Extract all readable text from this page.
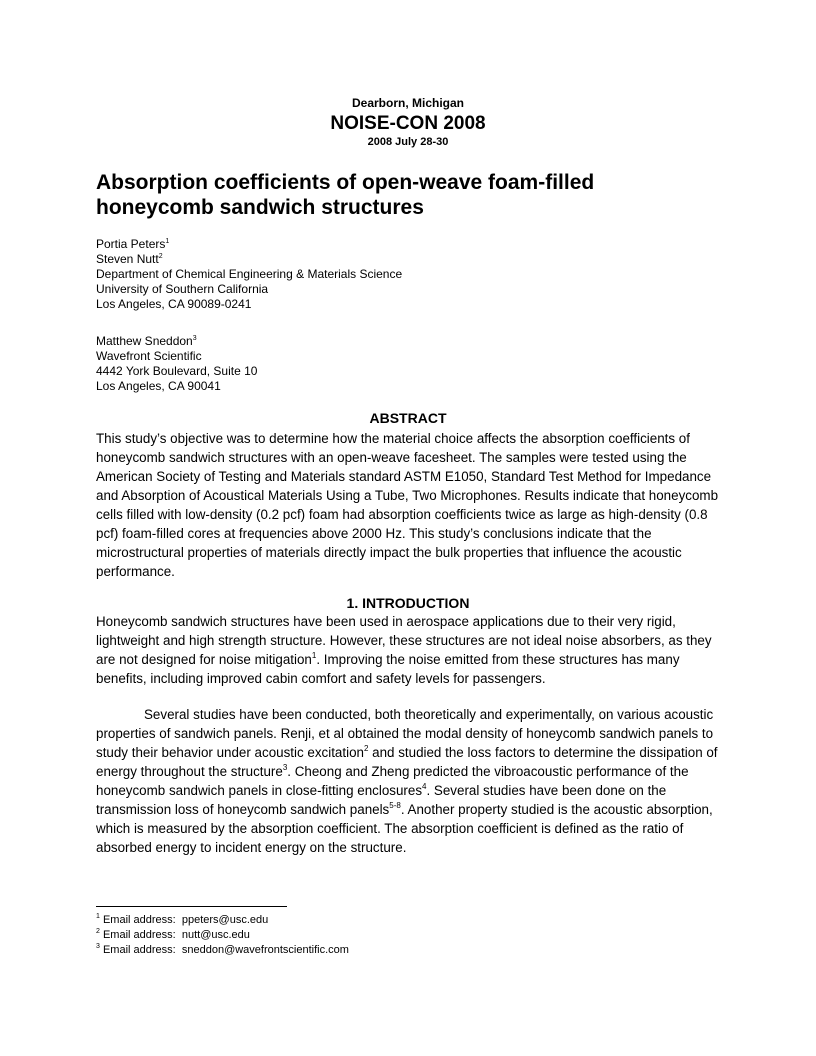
Dearborn, Michigan
NOISE-CON 2008
2008 July 28-30
Absorption coefficients of open-weave foam-filled honeycomb sandwich structures
Portia Peters$^1$
Steven Nutt$^2$
Department of Chemical Engineering & Materials Science
University of Southern California
Los Angeles, CA 90089-0241
Matthew Sneddon$^3$
Wavefront Scientific
4442 York Boulevard, Suite 10
Los Angeles, CA 90041
ABSTRACT

This study’s objective was to determine how the material choice affects the absorption coefficients of honeycomb sandwich structures with an open-weave facesheet. The samples were tested using the American Society of Testing and Materials standard ASTM E1050, Standard Test Method for Impedance and Absorption of Acoustical Materials Using a Tube, Two Microphones. Results indicate that honeycomb cells filled with low-density (0.2 pcf) foam had absorption coefficients twice as large as high-density (0.8 pcf) foam-filled cores at frequencies above 2000 Hz. This study’s conclusions indicate that the microstructural properties of materials directly impact the bulk properties that influence the acoustic performance.

1. INTRODUCTION

Honeycomb sandwich structures have been used in aerospace applications due to their very rigid, lightweight and high strength structure. However, these structures are not ideal noise absorbers, as they are not designed for noise mitigation$^1$. Improving the noise emitted from these structures has many benefits, including improved cabin comfort and safety levels for passengers.

Several studies have been conducted, both theoretically and experimentally, on various acoustic properties of sandwich panels. Renji, et al obtained the modal density of honeycomb sandwich panels to study their behavior under acoustic excitation$^2$ and studied the loss factors to determine the dissipation of energy throughout the structure$^3$. Cheong and Zheng predicted the vibroacoustic performance of the honeycomb sandwich panels in close-fitting enclosures$^4$. Several studies have been done on the transmission loss of honeycomb sandwich panels$^{5-8}$. Another property studied is the acoustic absorption, which is measured by the absorption coefficient. The absorption coefficient is defined as the ratio of absorbed energy to incident energy on the structure.

$^1$ Email address: ppeters@usc.edu
$^2$ Email address: nutt@usc.edu
$^3$ Email address: sneddon@wavefrontscientific.com
